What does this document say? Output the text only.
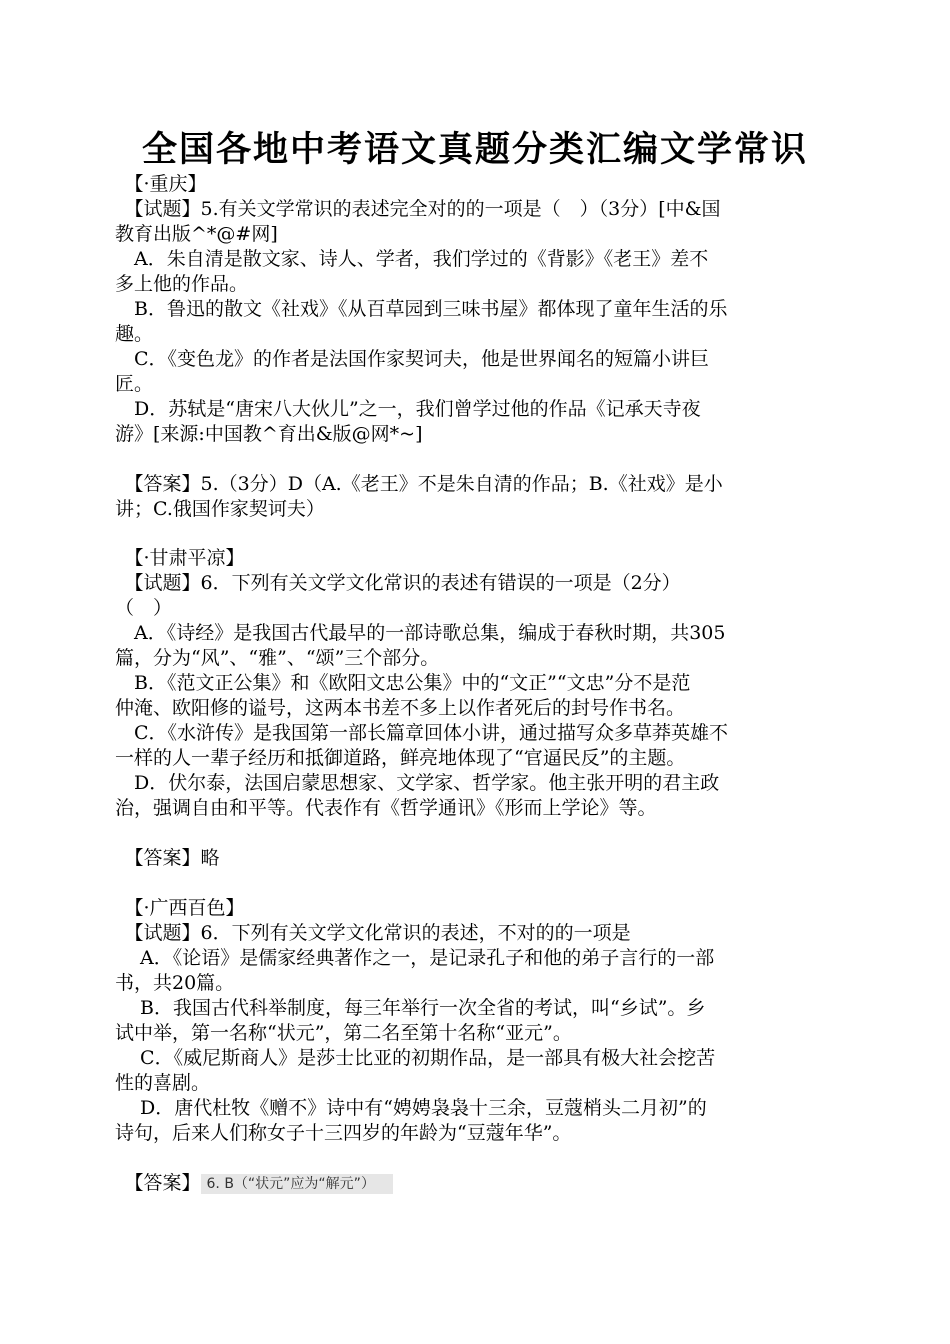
全国各地中考语文真题分类汇编文学常识
　【·重庆】
　【试题】5.有关文学常识的表述完全对的的一项是（　）（3分）[中&国
教育出版^*@#网]
　A．朱自清是散文家、诗人、学者，我们学过的《背影》《老王》差不
多上他的作品。
　B．鲁迅的散文《社戏》《从百草园到三味书屋》都体现了童年生活的乐
趣。
　C．《变色龙》的作者是法国作家契诃夫，他是世界闻名的短篇小讲巨
匠。
　D．苏轼是“唐宋八大伙儿”之一，我们曾学过他的作品《记承天寺夜
游》[来源:中国教^育出&版@网*~]
　【答案】5.（3分）D（A.《老王》不是朱自清的作品；B.《社戏》是小
讲；C.俄国作家契诃夫）
　【·甘肃平凉】
　【试题】6．下列有关文学文化常识的表述有错误的一项是（2分）
（　）
　A．《诗经》是我国古代最早的一部诗歌总集，编成于春秋时期，共305
篇，分为“风”、“雅”、“颂”三个部分。
　B．《范文正公集》和《欧阳文忠公集》中的“文正”“文忠”分不是范
仲淹、欧阳修的谥号，这两本书差不多上以作者死后的封号作书名。
　C．《水浒传》是我国第一部长篇章回体小讲，通过描写众多草莽英雄不
一样的人一辈子经历和抵御道路，鲜亮地体现了“官逼民反”的主题。
　D．伏尔泰，法国启蒙思想家、文学家、哲学家。他主张开明的君主政
治，强调自由和平等。代表作有《哲学通讯》《形而上学论》等。
　【答案】略
　【·广西百色】
　【试题】6．下列有关文学文化常识的表述，不对的的一项是
　 A．《论语》是儒家经典著作之一，是记录孔子和他的弟子言行的一部
书，共20篇。
　 B．我国古代科举制度，每三年举行一次全省的考试，叫“乡试”。乡
试中举，第一名称“状元”，第二名至第十名称“亚元”。
　 C．《威尼斯商人》是莎士比亚的初期作品，是一部具有极大社会挖苦
性的喜剧。
　 D．唐代杜牧《赠不》诗中有“娉娉袅袅十三余，豆蔻梢头二月初”的
诗句，后来人们称女子十三四岁的年龄为“豆蔻年华”。
　【答案】 6. B（“状元”应为“解元”）
